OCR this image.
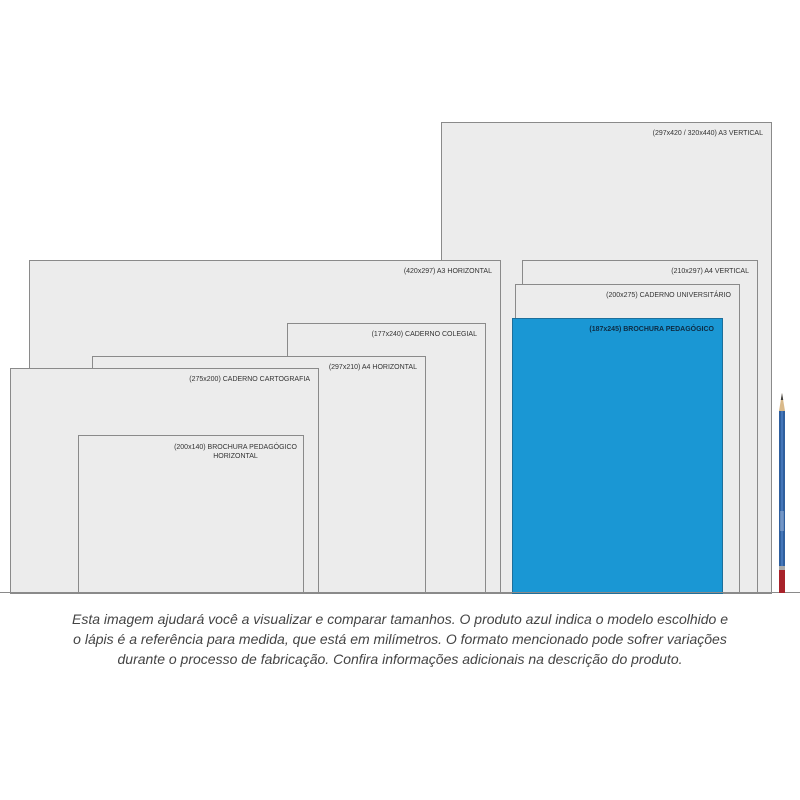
(297x420 / 320x440) A3 VERTICAL
(420x297) A3 HORIZONTAL	(210x297) A4 VERTICAL
(200x275) CADERNO UNIVERSITÁRIO
(187x245) BROCHURA PEDAGÓGICO
(177x240) CADERNO COLEGIAL
(297x210) A4 HORIZONTAL
(275x200) CADERNO CARTOGRAFIA
(200x140) BROCHURA PEDAGÓGICO
HORIZONTAL
Esta imagem ajudará você a visualizar e comparar tamanhos. O produto azul indica o modelo escolhido e
o lápis é a referência para medida, que está em milímetros. O formato mencionado pode sofrer variações
durante o processo de fabricação. Confira informações adicionais na descrição do produto.
